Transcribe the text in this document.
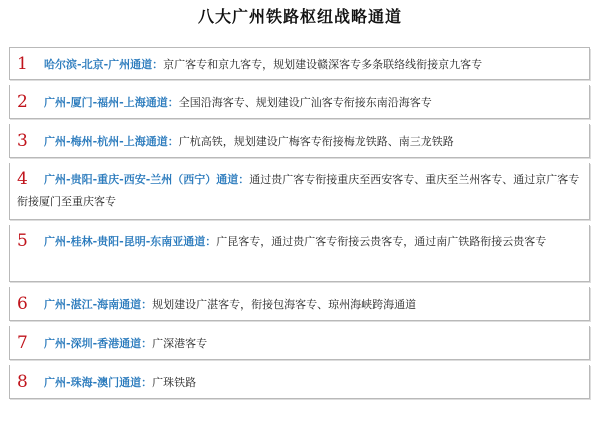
八大广州铁路枢纽战略通道
1 哈尔滨-北京-广州通道：京广客专和京九客专，规划建设赣深客专多条联络线衔接京九客专
2 广州-厦门-福州-上海通道：全国沿海客专、规划建设广汕客专衔接东南沿海客专
3 广州-梅州-杭州-上海通道：广杭高铁，规划建设广梅客专衔接梅龙铁路、南三龙铁路
4 广州-贵阳-重庆-西安-兰州（西宁）通道：通过贵广客专衔接重庆至西安客专、重庆至兰州客专、通过京广客专衔接厦门至重庆客专
5 广州-桂林-贵阳-昆明-东南亚通道：广昆客专，通过贵广客专衔接云贵客专，通过南广铁路衔接云贵客专
6 广州-湛江-海南通道：规划建设广湛客专，衔接包海客专、琼州海峡跨海通道
7 广州-深圳-香港通道：广深港客专
8 广州-珠海-澳门通道：广珠铁路
